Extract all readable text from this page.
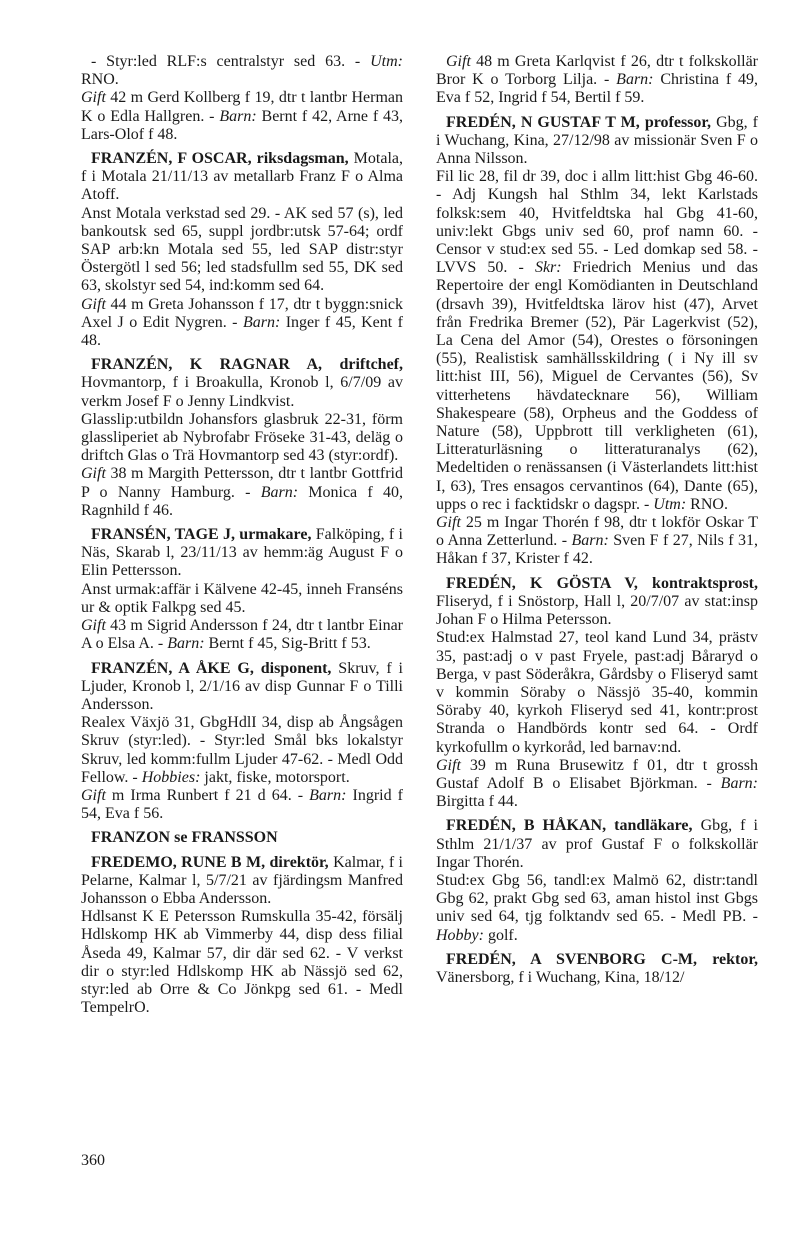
- Styr:led RLF:s centralstyr sed 63. - Utm: RNO.

Gift 42 m Gerd Kollberg f 19, dtr t lantbr Herman K o Edla Hallgren. - Barn: Bernt f 42, Arne f 43, Lars-Olof f 48.

FRANZÉN, F OSCAR, riksdagsman, Motala, f i Motala 21/11/13 av metallarb Franz F o Alma Atoff.

Anst Motala verkstad sed 29. - AK sed 57 (s), led bankoutsk sed 65, suppl jordbr:utsk 57-64; ordf SAP arb:kn Motala sed 55, led SAP distr:styr Östergötl l sed 56; led stadsfullm sed 55, DK sed 63, skolstyr sed 54, ind:komm sed 64.

Gift 44 m Greta Johansson f 17, dtr t byggn:snick Axel J o Edit Nygren. - Barn: Inger f 45, Kent f 48.

FRANZÉN, K RAGNAR A, driftchef, Hovmantorp, f i Broakulla, Kronob l, 6/7/09 av verkm Josef F o Jenny Lindkvist.

Glasslip:utbildn Johansfors glasbruk 22-31, förm glassliperiet ab Nybrofabr Fröseke 31-43, deläg o driftch Glas o Trä Hovmantorp sed 43 (styr:ordf).

Gift 38 m Margith Pettersson, dtr t lantbr Gottfrid P o Nanny Hamburg. - Barn: Monica f 40, Ragnhild f 46.

FRANSÉN, TAGE J, urmakare, Falköping, f i Näs, Skarab l, 23/11/13 av hemm:äg August F o Elin Pettersson.

Anst urmak:affär i Kälvene 42-45, inneh Franséns ur & optik Falkpg sed 45.

Gift 43 m Sigrid Andersson f 24, dtr t lantbr Einar A o Elsa A. - Barn: Bernt f 45, Sig-Britt f 53.

FRANZÉN, A ÅKE G, disponent, Skruv, f i Ljuder, Kronob l, 2/1/16 av disp Gunnar F o Tilli Andersson.

Realex Växjö 31, GbgHdlI 34, disp ab Ångsågen Skruv (styr:led). - Styr:led Smål bks lokalstyr Skruv, led komm:fullm Ljuder 47-62. - Medl Odd Fellow. - Hobbies: jakt, fiske, motorsport.

Gift m Irma Runbert f 21 d 64. - Barn: Ingrid f 54, Eva f 56.

FRANZON se FRANSSON

FREDEMO, RUNE B M, direktör, Kalmar, f i Pelarne, Kalmar l, 5/7/21 av fjärdingsm Manfred Johansson o Ebba Andersson.

Hdlsanst K E Petersson Rumskulla 35-42, försälj Hdlskomp HK ab Vimmerby 44, disp dess filial Åseda 49, Kalmar 57, dir där sed 62. - V verkst dir o styr:led Hdlskomp HK ab Nässjö sed 62, styr:led ab Orre & Co Jönkpg sed 61. - Medl TempelrO.

Gift 48 m Greta Karlqvist f 26, dtr t folkskollär Bror K o Torborg Lilja. - Barn: Christina f 49, Eva f 52, Ingrid f 54, Bertil f 59.

FREDÉN, N GUSTAF T M, professor, Gbg, f i Wuchang, Kina, 27/12/98 av missionär Sven F o Anna Nilsson.

Fil lic 28, fil dr 39, doc i allm litt:hist Gbg 46-60. - Adj Kungsh hal Sthlm 34, lekt Karlstads folksk:sem 40, Hvitfeldtska hal Gbg 41-60, univ:lekt Gbgs univ sed 60, prof namn 60. - Censor v stud:ex sed 55. - Led domkap sed 58. - LVVS 50. - Skr: Friedrich Menius und das Repertoire der engl Komödianten in Deutschland (drsavh 39), Hvitfeldtska lärov hist (47), Arvet från Fredrika Bremer (52), Pär Lagerkvist (52), La Cena del Amor (54), Orestes o försoningen (55), Realistisk samhällsskildring ( i Ny ill sv litt:hist III, 56), Miguel de Cervantes (56), Sv vitterhetens hävdatecknare 56), William Shakespeare (58), Orpheus and the Goddess of Nature (58), Uppbrott till verkligheten (61), Litteraturläsning o litteraturanalys (62), Medeltiden o renässansen (i Västerlandets litt:hist I, 63), Tres ensagos cervantinos (64), Dante (65), upps o rec i facktidskr o dagspr. - Utm: RNO.

Gift 25 m Ingar Thorén f 98, dtr t lokför Oskar T o Anna Zetterlund. - Barn: Sven F f 27, Nils f 31, Håkan f 37, Krister f 42.

FREDÉN, K GÖSTA V, kontraktsprost, Fliseryd, f i Snöstorp, Hall l, 20/7/07 av stat:insp Johan F o Hilma Petersson.

Stud:ex Halmstad 27, teol kand Lund 34, prästv 35, past:adj o v past Fryele, past:adj Båraryd o Berga, v past Söderåkra, Gårdsby o Fliseryd samt v kommin Söraby o Nässjö 35-40, kommin Söraby 40, kyrkoh Fliseryd sed 41, kontr:prost Stranda o Handbörds kontr sed 64. - Ordf kyrkofullm o kyrkoråd, led barnav:nd.

Gift 39 m Runa Brusewitz f 01, dtr t grossh Gustaf Adolf B o Elisabet Björkman. - Barn: Birgitta f 44.

FREDÉN, B HÅKAN, tandläkare, Gbg, f i Sthlm 21/1/37 av prof Gustaf F o folkskollär Ingar Thorén.

Stud:ex Gbg 56, tandl:ex Malmö 62, distr:tandl Gbg 62, prakt Gbg sed 63, aman histol inst Gbgs univ sed 64, tjg folktandv sed 65. - Medl PB. - Hobby: golf.

FREDÉN, A SVENBORG C-M, rektor, Vänersborg, f i Wuchang, Kina, 18/12/

360
